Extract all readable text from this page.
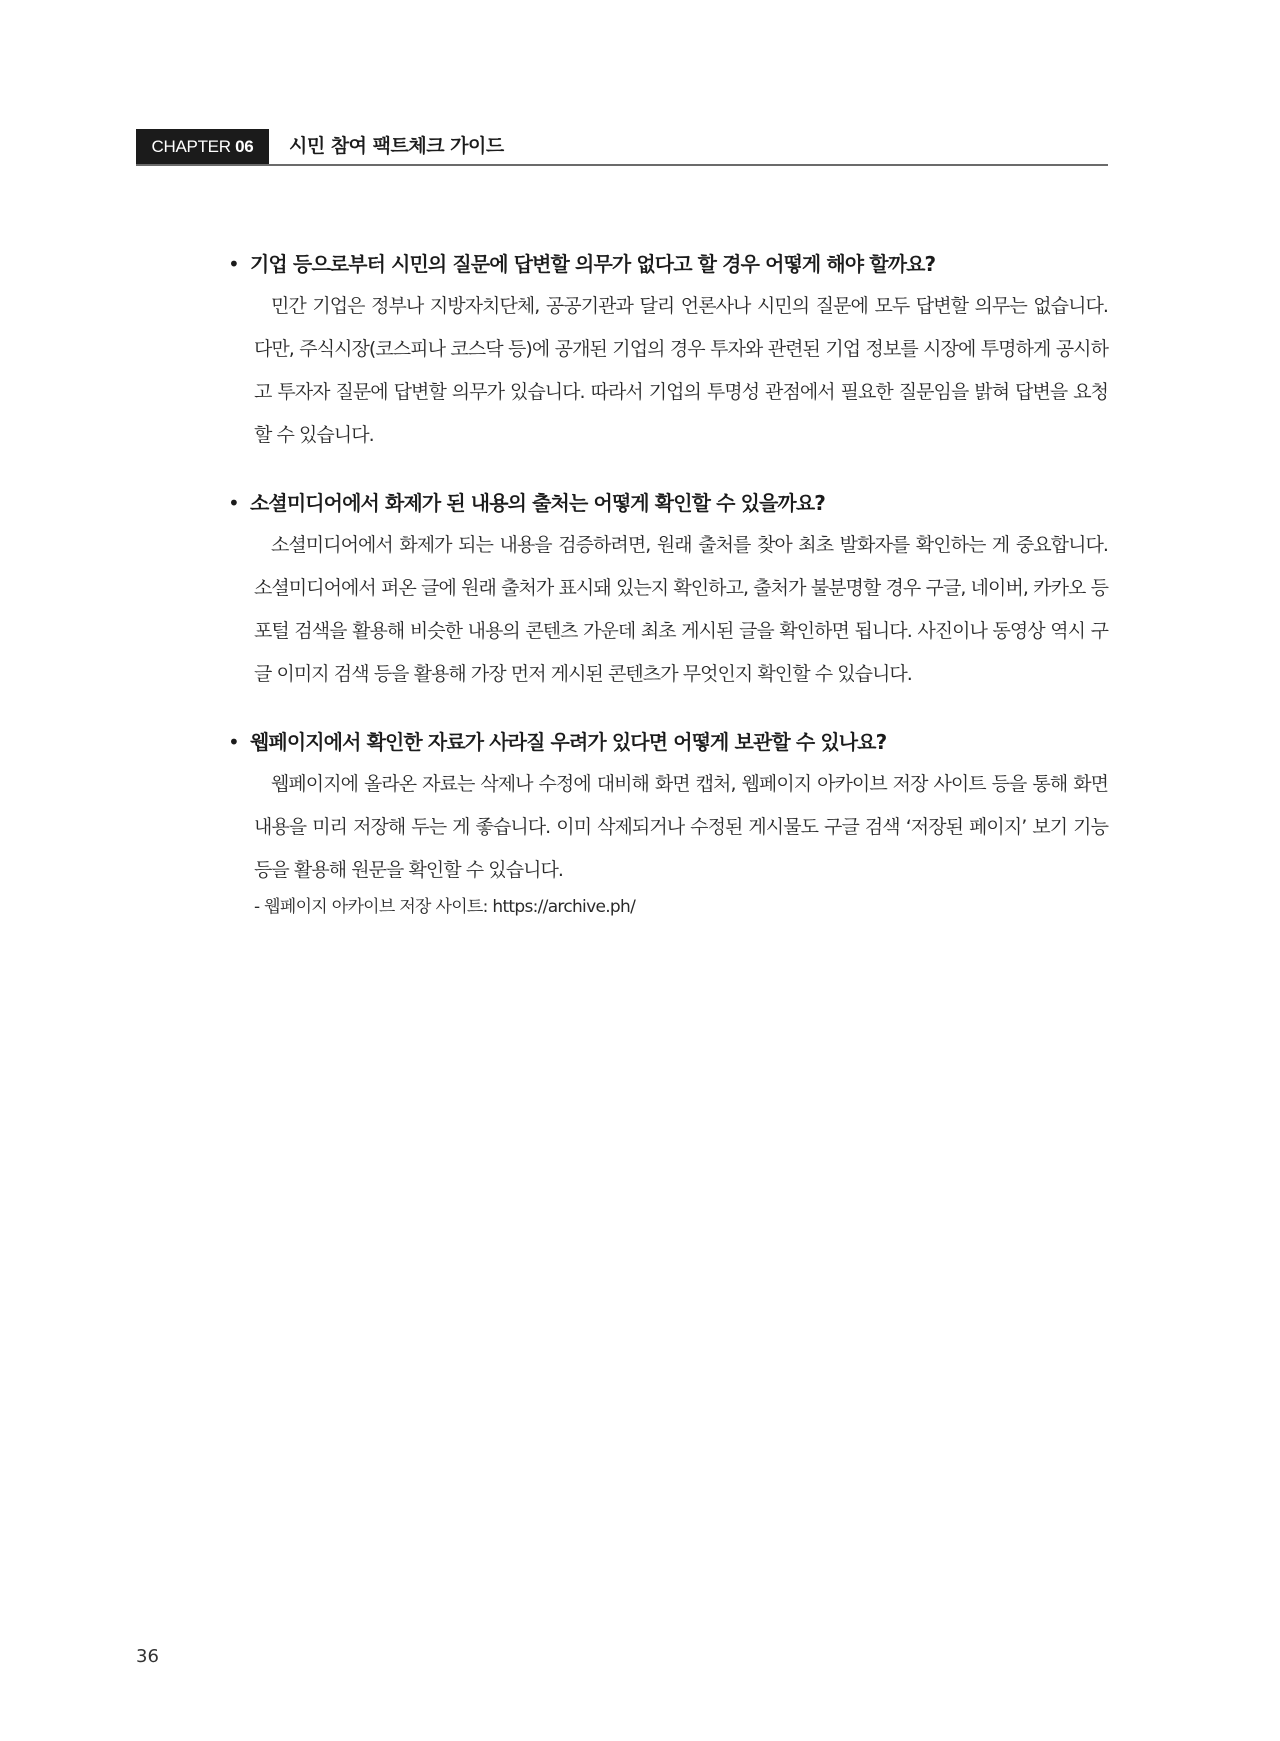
CHAPTER 06	시민 참여 팩트체크 가이드
• 기업 등으로부터 시민의 질문에 답변할 의무가 없다고 할 경우 어떻게 해야 할까요?
민간 기업은 정부나 지방자치단체, 공공기관과 달리 언론사나 시민의 질문에 모두 답변할 의무는 없습니다. 다만, 주식시장(코스피나 코스닥 등)에 공개된 기업의 경우 투자와 관련된 기업 정보를 시장에 투명하게 공시하고 투자자 질문에 답변할 의무가 있습니다. 따라서 기업의 투명성 관점에서 필요한 질문임을 밝혀 답변을 요청할 수 있습니다.
• 소셜미디어에서 화제가 된 내용의 출처는 어떻게 확인할 수 있을까요?
소셜미디어에서 화제가 되는 내용을 검증하려면, 원래 출처를 찾아 최초 발화자를 확인하는 게 중요합니다. 소셜미디어에서 퍼온 글에 원래 출처가 표시돼 있는지 확인하고, 출처가 불분명할 경우 구글, 네이버, 카카오 등 포털 검색을 활용해 비슷한 내용의 콘텐츠 가운데 최초 게시된 글을 확인하면 됩니다. 사진이나 동영상 역시 구글 이미지 검색 등을 활용해 가장 먼저 게시된 콘텐츠가 무엇인지 확인할 수 있습니다.
• 웹페이지에서 확인한 자료가 사라질 우려가 있다면 어떻게 보관할 수 있나요?
웹페이지에 올라온 자료는 삭제나 수정에 대비해 화면 캡처, 웹페이지 아카이브 저장 사이트 등을 통해 화면 내용을 미리 저장해 두는 게 좋습니다. 이미 삭제되거나 수정된 게시물도 구글 검색 ‘저장된 페이지’ 보기 기능 등을 활용해 원문을 확인할 수 있습니다.
- 웹페이지 아카이브 저장 사이트: https://archive.ph/
36
